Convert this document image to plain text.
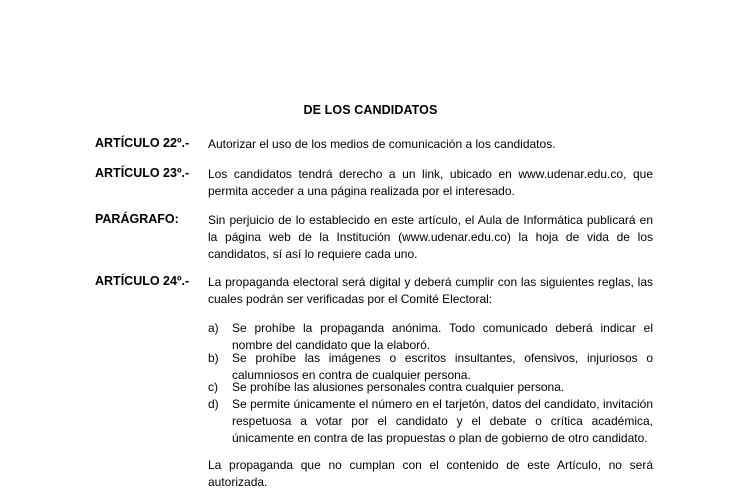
DE LOS CANDIDATOS
ARTÍCULO 22º.- Autorizar el uso de los medios de comunicación a los candidatos.
ARTÍCULO 23º.- Los candidatos tendrá derecho a un link, ubicado en www.udenar.edu.co, que permita acceder a una página realizada por el interesado.
PARÁGRAFO: Sin perjuicio de lo establecido en este artículo, el Aula de Informática publicará en la página web de la Institución (www.udenar.edu.co) la hoja de vida de los candidatos, sí así lo requiere cada uno.
ARTÍCULO 24º.- La propaganda electoral será digital y deberá cumplir con las siguientes reglas, las cuales podrán ser verificadas por el Comité Electoral:
a) Se prohíbe la propaganda anónima. Todo comunicado deberá indicar el nombre del candidato que la elaboró.
b) Se prohíbe las imágenes o escritos insultantes, ofensivos, injuriosos o calumniosos en contra de cualquier persona.
c) Se prohíbe las alusiones personales contra cualquier persona.
d) Se permite únicamente el número en el tarjetón, datos del candidato, invitación respetuosa a votar por el candidato y el debate o crítica académica, únicamente en contra de las propuestas o plan de gobierno de otro candidato.
La propaganda que no cumplan con el contenido de este Artículo, no será autorizada.
